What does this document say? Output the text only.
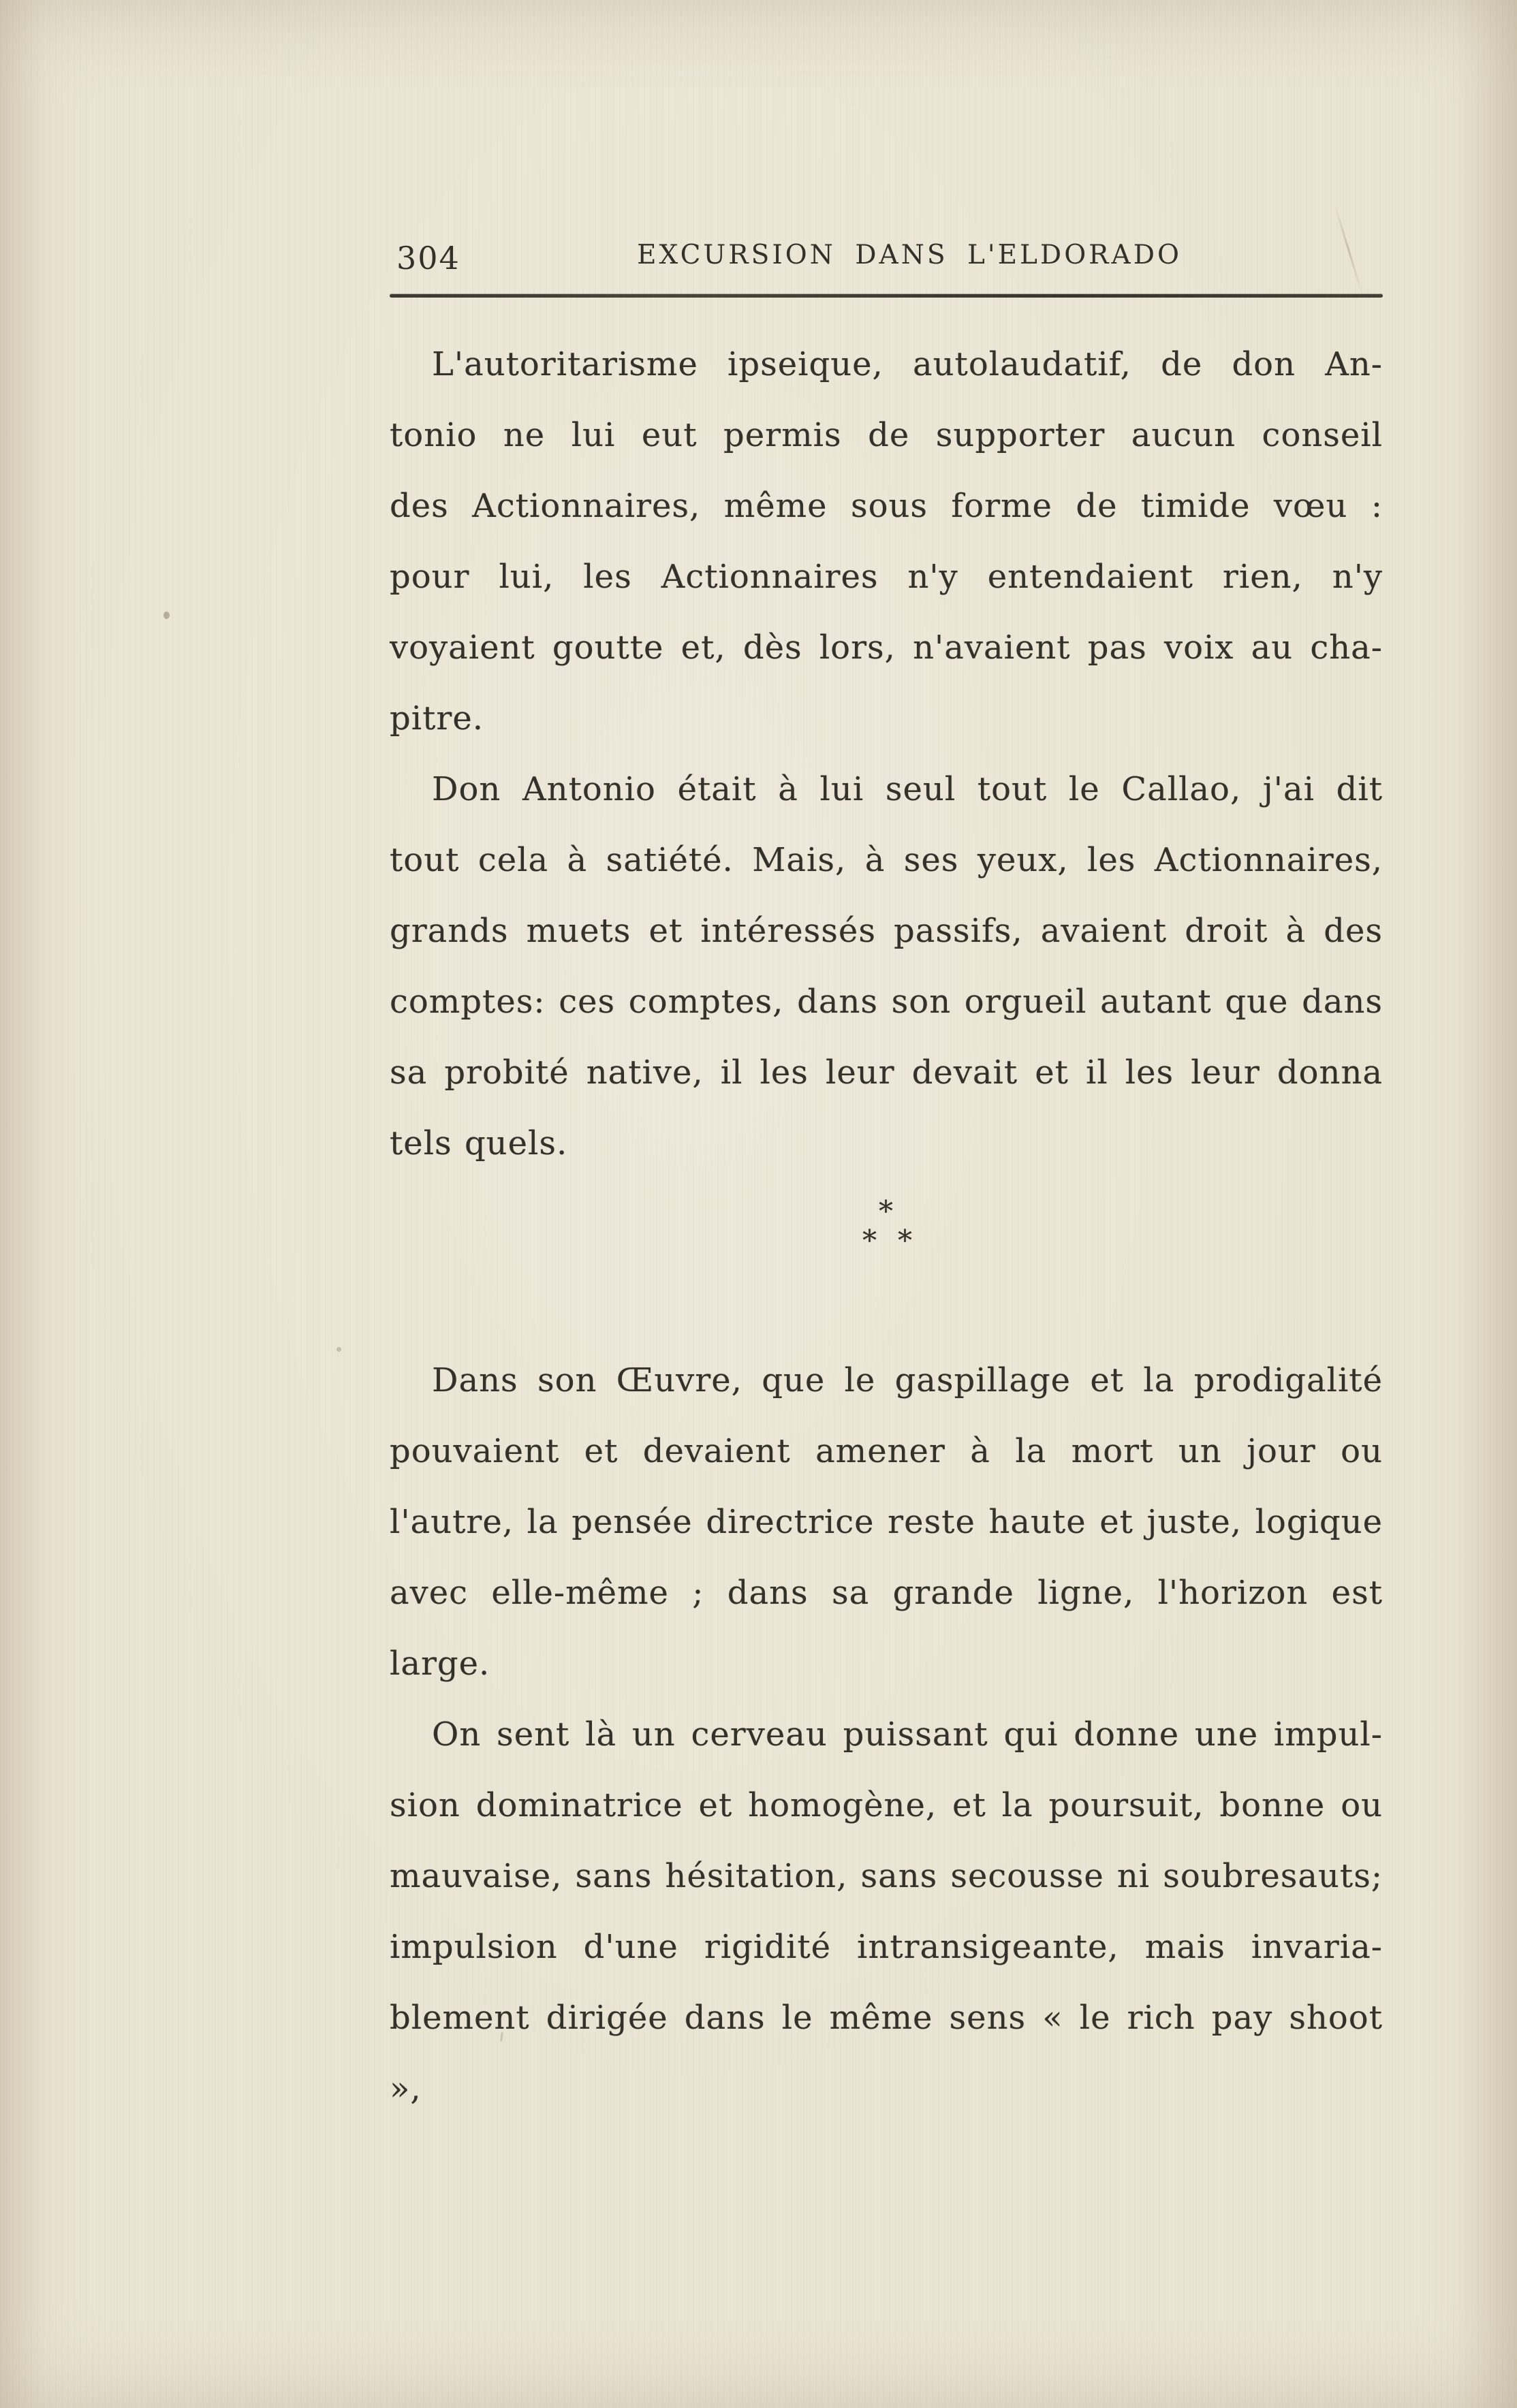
304	EXCURSION DANS L'ELDORADO

L'autoritarisme ipseique, autolaudatif, de don An-
tonio ne lui eut permis de supporter aucun conseil
des Actionnaires, même sous forme de timide vœu :
pour lui, les Actionnaires n'y entendaient rien, n'y
voyaient goutte et, dès lors, n'avaient pas voix au cha-
pitre.

Don Antonio était à lui seul tout le Callao, j'ai dit
tout cela à satiété. Mais, à ses yeux, les Actionnaires,
grands muets et intéressés passifs, avaient droit à des
comptes: ces comptes, dans son orgueil autant que dans
sa probité native, il les leur devait et il les leur donna
tels quels.

*
* *

Dans son Œuvre, que le gaspillage et la prodigalité
pouvaient et devaient amener à la mort un jour ou
l'autre, la pensée directrice reste haute et juste, logique
avec elle-même ; dans sa grande ligne, l'horizon est
large.

On sent là un cerveau puissant qui donne une impul-
sion dominatrice et homogène, et la poursuit, bonne ou
mauvaise, sans hésitation, sans secousse ni soubresauts;
impulsion d'une rigidité intransigeante, mais invaria-
blement dirigée dans le même sens « le rich pay shoot »,
